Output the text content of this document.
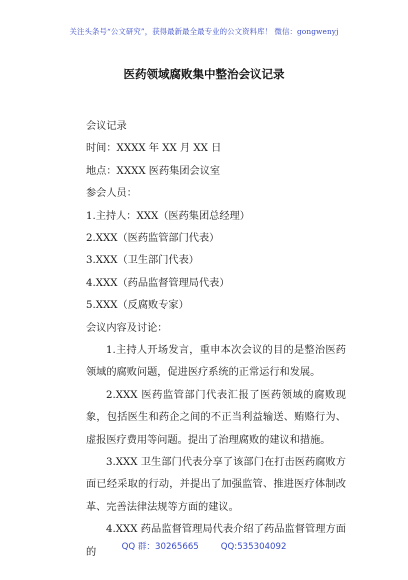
关注头条号“公文研究”，获得最新最全最专业的公文资料库！ 微信：gongwenyj
医药领域腐败集中整治会议记录
会议记录
时间：XXXX 年 XX 月 XX 日
地点：XXXX 医药集团会议室
参会人员：
1.主持人：XXX（医药集团总经理）
2.XXX（医药监管部门代表）
3.XXX（卫生部门代表）
4.XXX（药品监督管理局代表）
5.XXX（反腐败专家）
会议内容及讨论：
1.主持人开场发言，重申本次会议的目的是整治医药领域的腐败问题，促进医疗系统的正常运行和发展。
2.XXX 医药监管部门代表汇报了医药领域的腐败现象，包括医生和药企之间的不正当利益输送、贿赂行为、虚报医疗费用等问题。提出了治理腐败的建议和措施。
3.XXX 卫生部门代表分享了该部门在打击医药腐败方面已经采取的行动，并提出了加强监管、推进医疗体制改革、完善法律法规等方面的建议。
4.XXX 药品监督管理局代表介绍了药品监督管理方面的	QQ 群：30265665	QQ:535304092
